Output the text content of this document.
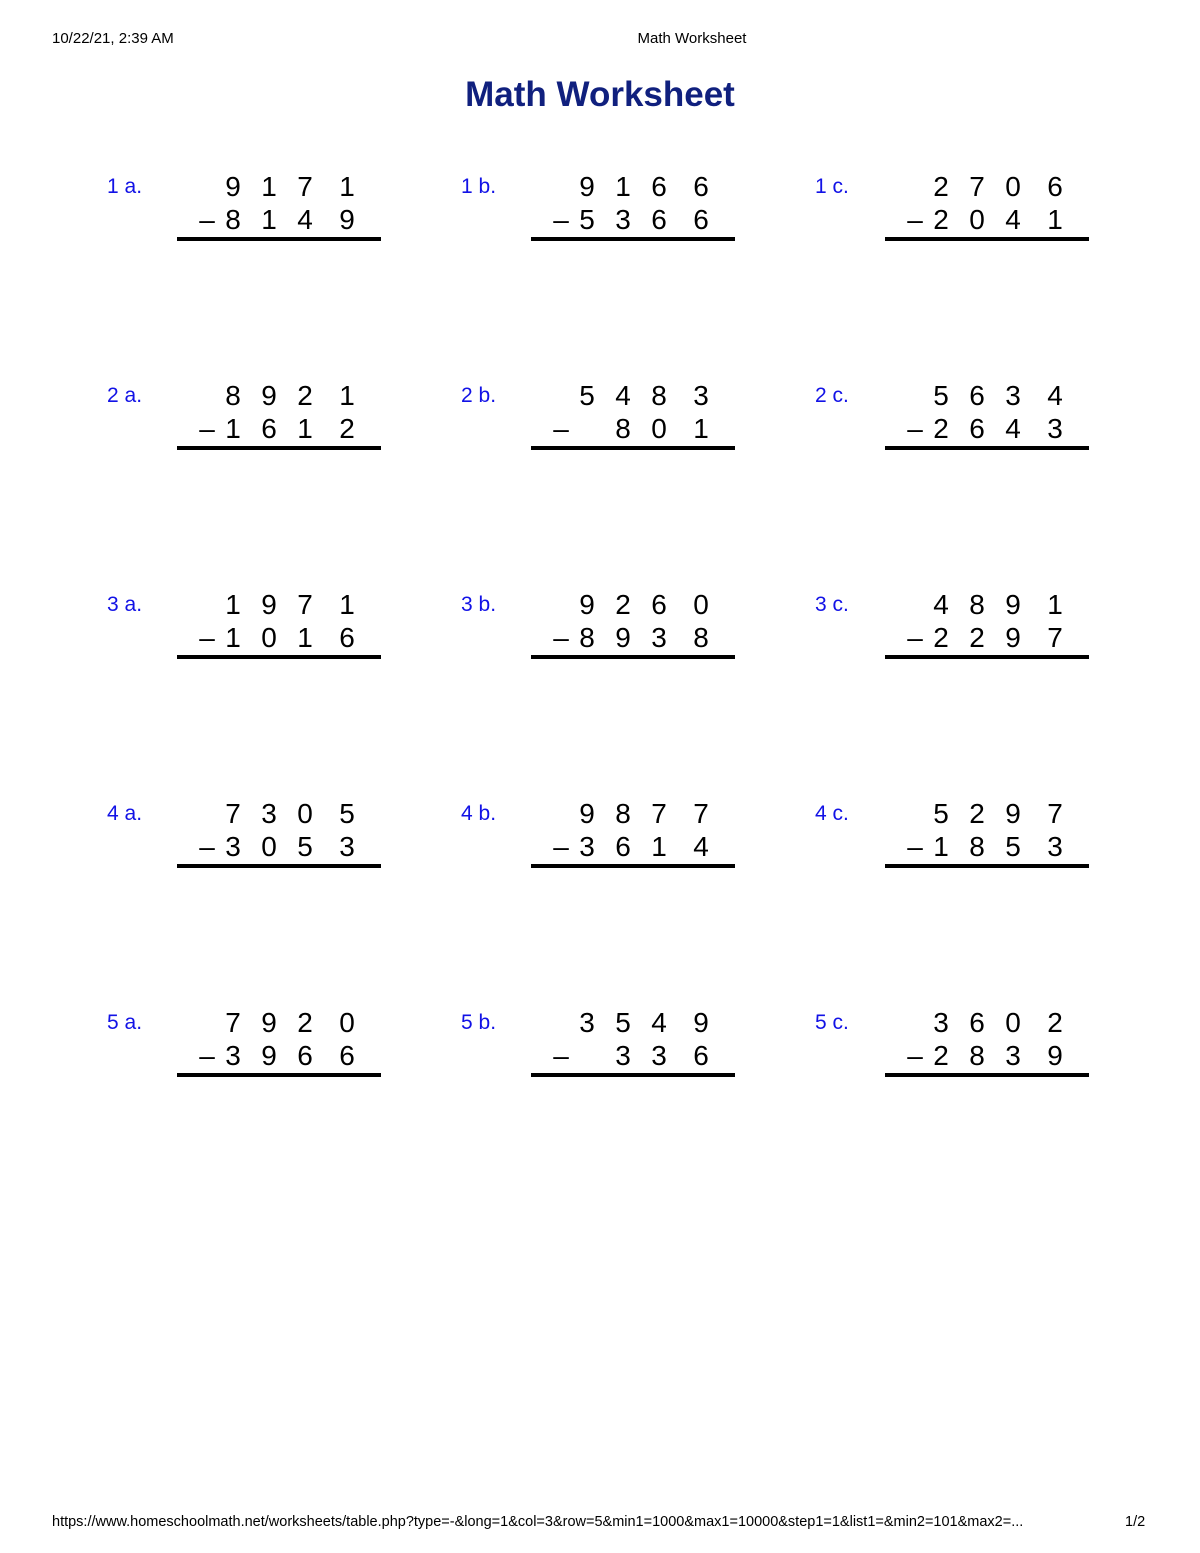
10/22/21, 2:39 AM	Math Worksheet
Math Worksheet
1 a.	9 1 7 1
8 1 4 9
–
1 b.	9 1 6 6
5 3 6 6
–
1 c.	2 7 0 6
2 0 4 1
–
2 a.	8 9 2 1
1 6 1 2
–
2 b.	5 4 8 3
8 0 1
–
2 c.	5 6 3 4
2 6 4 3
–
3 a.	1 9 7 1
1 0 1 6
–
3 b.	9 2 6 0
8 9 3 8
–
3 c.	4 8 9 1
2 2 9 7
–
4 a.	7 3 0 5
3 0 5 3
–
4 b.	9 8 7 7
3 6 1 4
–
4 c.	5 2 9 7
1 8 5 3
–
5 a.	7 9 2 0
3 9 6 6
–
5 b.	3 5 4 9
3 3 6
–
5 c.	3 6 0 2
2 8 3 9
–
https://www.homeschoolmath.net/worksheets/table.php?type=-&long=1&col=3&row=5&min1=1000&max1=10000&step1=1&list1=&min2=101&max2=...	1/2
